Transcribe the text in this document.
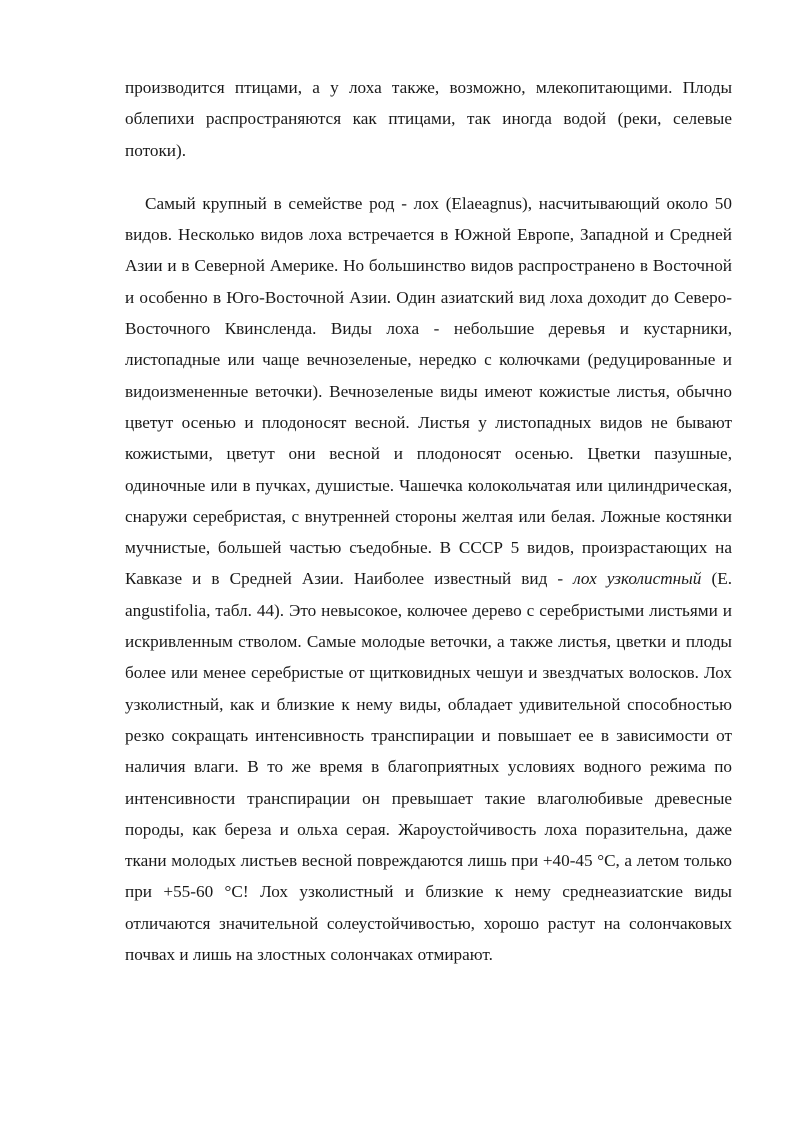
производится птицами, а у лоха также, возможно, млекопитающими. Плоды облепихи распространяются как птицами, так иногда водой (реки, селевые потоки).

Самый крупный в семействе род - лох (Elaeagnus), насчитывающий около 50 видов. Несколько видов лоха встречается в Южной Европе, Западной и Средней Азии и в Северной Америке. Но большинство видов распространено в Восточной и особенно в Юго-Восточной Азии. Один азиатский вид лоха доходит до Северо-Восточного Квинсленда. Виды лоха - небольшие деревья и кустарники, листопадные или чаще вечнозеленые, нередко с колючками (редуцированные и видоизмененные веточки). Вечнозеленые виды имеют кожистые листья, обычно цветут осенью и плодоносят весной. Листья у листопадных видов не бывают кожистыми, цветут они весной и плодоносят осенью. Цветки пазушные, одиночные или в пучках, душистые. Чашечка колокольчатая или цилиндрическая, снаружи серебристая, с внутренней стороны желтая или белая. Ложные костянки мучнистые, большей частью съедобные. В СССР 5 видов, произрастающих на Кавказе и в Средней Азии. Наиболее известный вид - лох узколистный (E. angustifolia, табл. 44). Это невысокое, колючее дерево с серебристыми листьями и искривленным стволом. Самые молодые веточки, а также листья, цветки и плоды более или менее серебристые от щитковидных чешуи и звездчатых волосков. Лох узколистный, как и близкие к нему виды, обладает удивительной способностью резко сокращать интенсивность транспирации и повышает ее в зависимости от наличия влаги. В то же время в благоприятных условиях водного режима по интенсивности транспирации он превышает такие влаголюбивые древесные породы, как береза и ольха серая. Жароустойчивость лоха поразительна, даже ткани молодых листьев весной повреждаются лишь при +40-45 °С, а летом только при +55-60 °С! Лох узколистный и близкие к нему среднеазиатские виды отличаются значительной солеустойчивостью, хорошо растут на солончаковых почвах и лишь на злостных солончаках отмирают.
